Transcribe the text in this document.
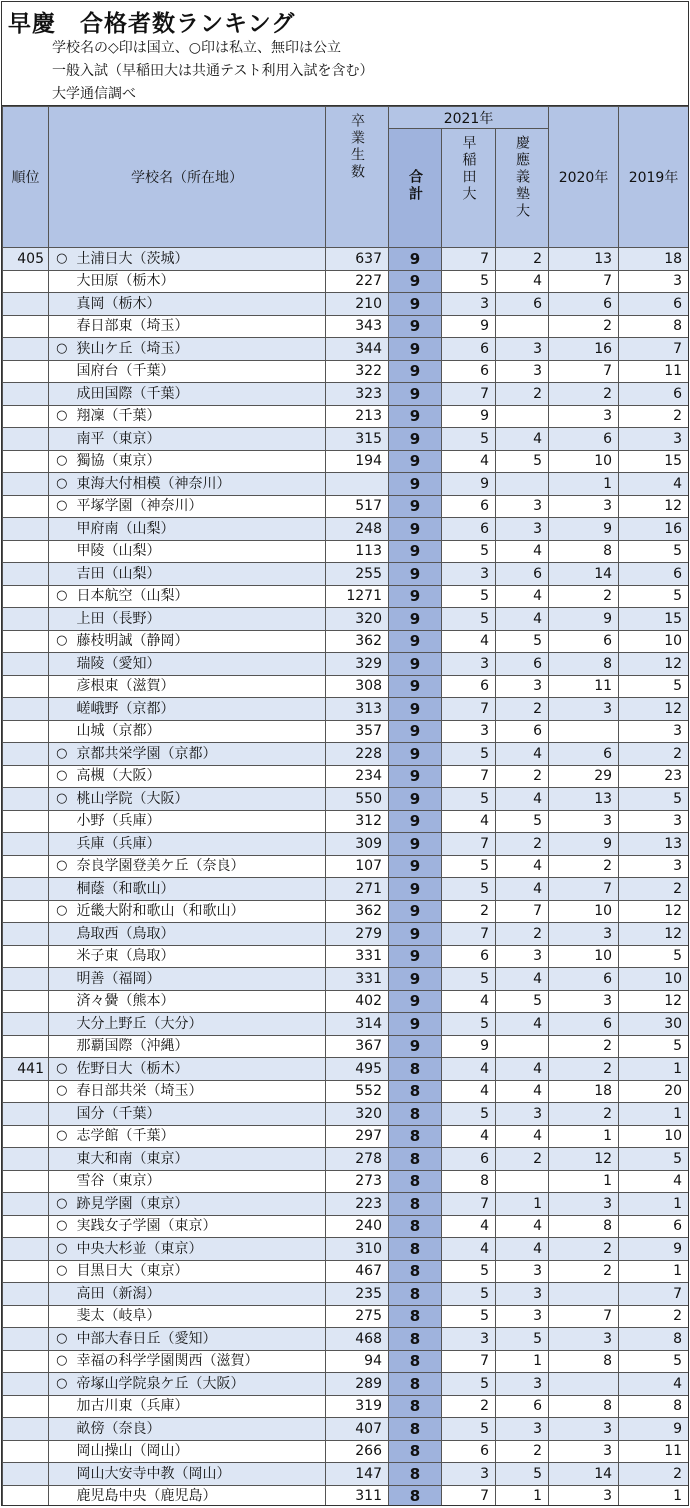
早慶　合格者数ランキング
学校名の◇印は国立、○印は私立、無印は公立
一般入試（早稲田大は共通テスト利用入試を含む）
大学通信調べ
順位	学校名（所在地）		卒業生数	2021年			2020年	2019年
				合計	早稲田大	慶應義塾大		
405	○	土浦日大（茨城）	637	9	7	2	13	18
		大田原（栃木）	227	9	5	4	7	3
		真岡（栃木）	210	9	3	6	6	6
		春日部東（埼玉）	343	9	9		2	8
	○	狭山ケ丘（埼玉）	344	9	6	3	16	7
		国府台（千葉）	322	9	6	3	7	11
		成田国際（千葉）	323	9	7	2	2	6
	○	翔凜（千葉）	213	9	9		3	2
		南平（東京）	315	9	5	4	6	3
	○	獨協（東京）	194	9	4	5	10	15
	○	東海大付相模（神奈川）		9	9		1	4
	○	平塚学園（神奈川）	517	9	6	3	3	12
		甲府南（山梨）	248	9	6	3	9	16
		甲陵（山梨）	113	9	5	4	8	5
		吉田（山梨）	255	9	3	6	14	6
	○	日本航空（山梨）	1271	9	5	4	2	5
		上田（長野）	320	9	5	4	9	15
	○	藤枝明誠（静岡）	362	9	4	5	6	10
		瑞陵（愛知）	329	9	3	6	8	12
		彦根東（滋賀）	308	9	6	3	11	5
		嵯峨野（京都）	313	9	7	2	3	12
		山城（京都）	357	9	3	6		3
	○	京都共栄学園（京都）	228	9	5	4	6	2
	○	高槻（大阪）	234	9	7	2	29	23
	○	桃山学院（大阪）	550	9	5	4	13	5
		小野（兵庫）	312	9	4	5	3	3
		兵庫（兵庫）	309	9	7	2	9	13
	○	奈良学園登美ケ丘（奈良）	107	9	5	4	2	3
		桐蔭（和歌山）	271	9	5	4	7	2
	○	近畿大附和歌山（和歌山）	362	9	2	7	10	12
		鳥取西（鳥取）	279	9	7	2	3	12
		米子東（鳥取）	331	9	6	3	10	5
		明善（福岡）	331	9	5	4	6	10
		済々黌（熊本）	402	9	4	5	3	12
		大分上野丘（大分）	314	9	5	4	6	30
		那覇国際（沖縄）	367	9	9		2	5
441	○	佐野日大（栃木）	495	8	4	4	2	1
	○	春日部共栄（埼玉）	552	8	4	4	18	20
		国分（千葉）	320	8	5	3	2	1
	○	志学館（千葉）	297	8	4	4	1	10
		東大和南（東京）	278	8	6	2	12	5
		雪谷（東京）	273	8	8		1	4
	○	跡見学園（東京）	223	8	7	1	3	1
	○	実践女子学園（東京）	240	8	4	4	8	6
	○	中央大杉並（東京）	310	8	4	4	2	9
	○	目黒日大（東京）	467	8	5	3	2	1
		高田（新潟）	235	8	5	3		7
		斐太（岐阜）	275	8	5	3	7	2
	○	中部大春日丘（愛知）	468	8	3	5	3	8
	○	幸福の科学学園関西（滋賀）	94	8	7	1	8	5
	○	帝塚山学院泉ケ丘（大阪）	289	8	5	3		4
		加古川東（兵庫）	319	8	2	6	8	8
		畝傍（奈良）	407	8	5	3	3	9
		岡山操山（岡山）	266	8	6	2	3	11
		岡山大安寺中教（岡山）	147	8	3	5	14	2
		鹿児島中央（鹿児島）	311	8	7	1	3	1
